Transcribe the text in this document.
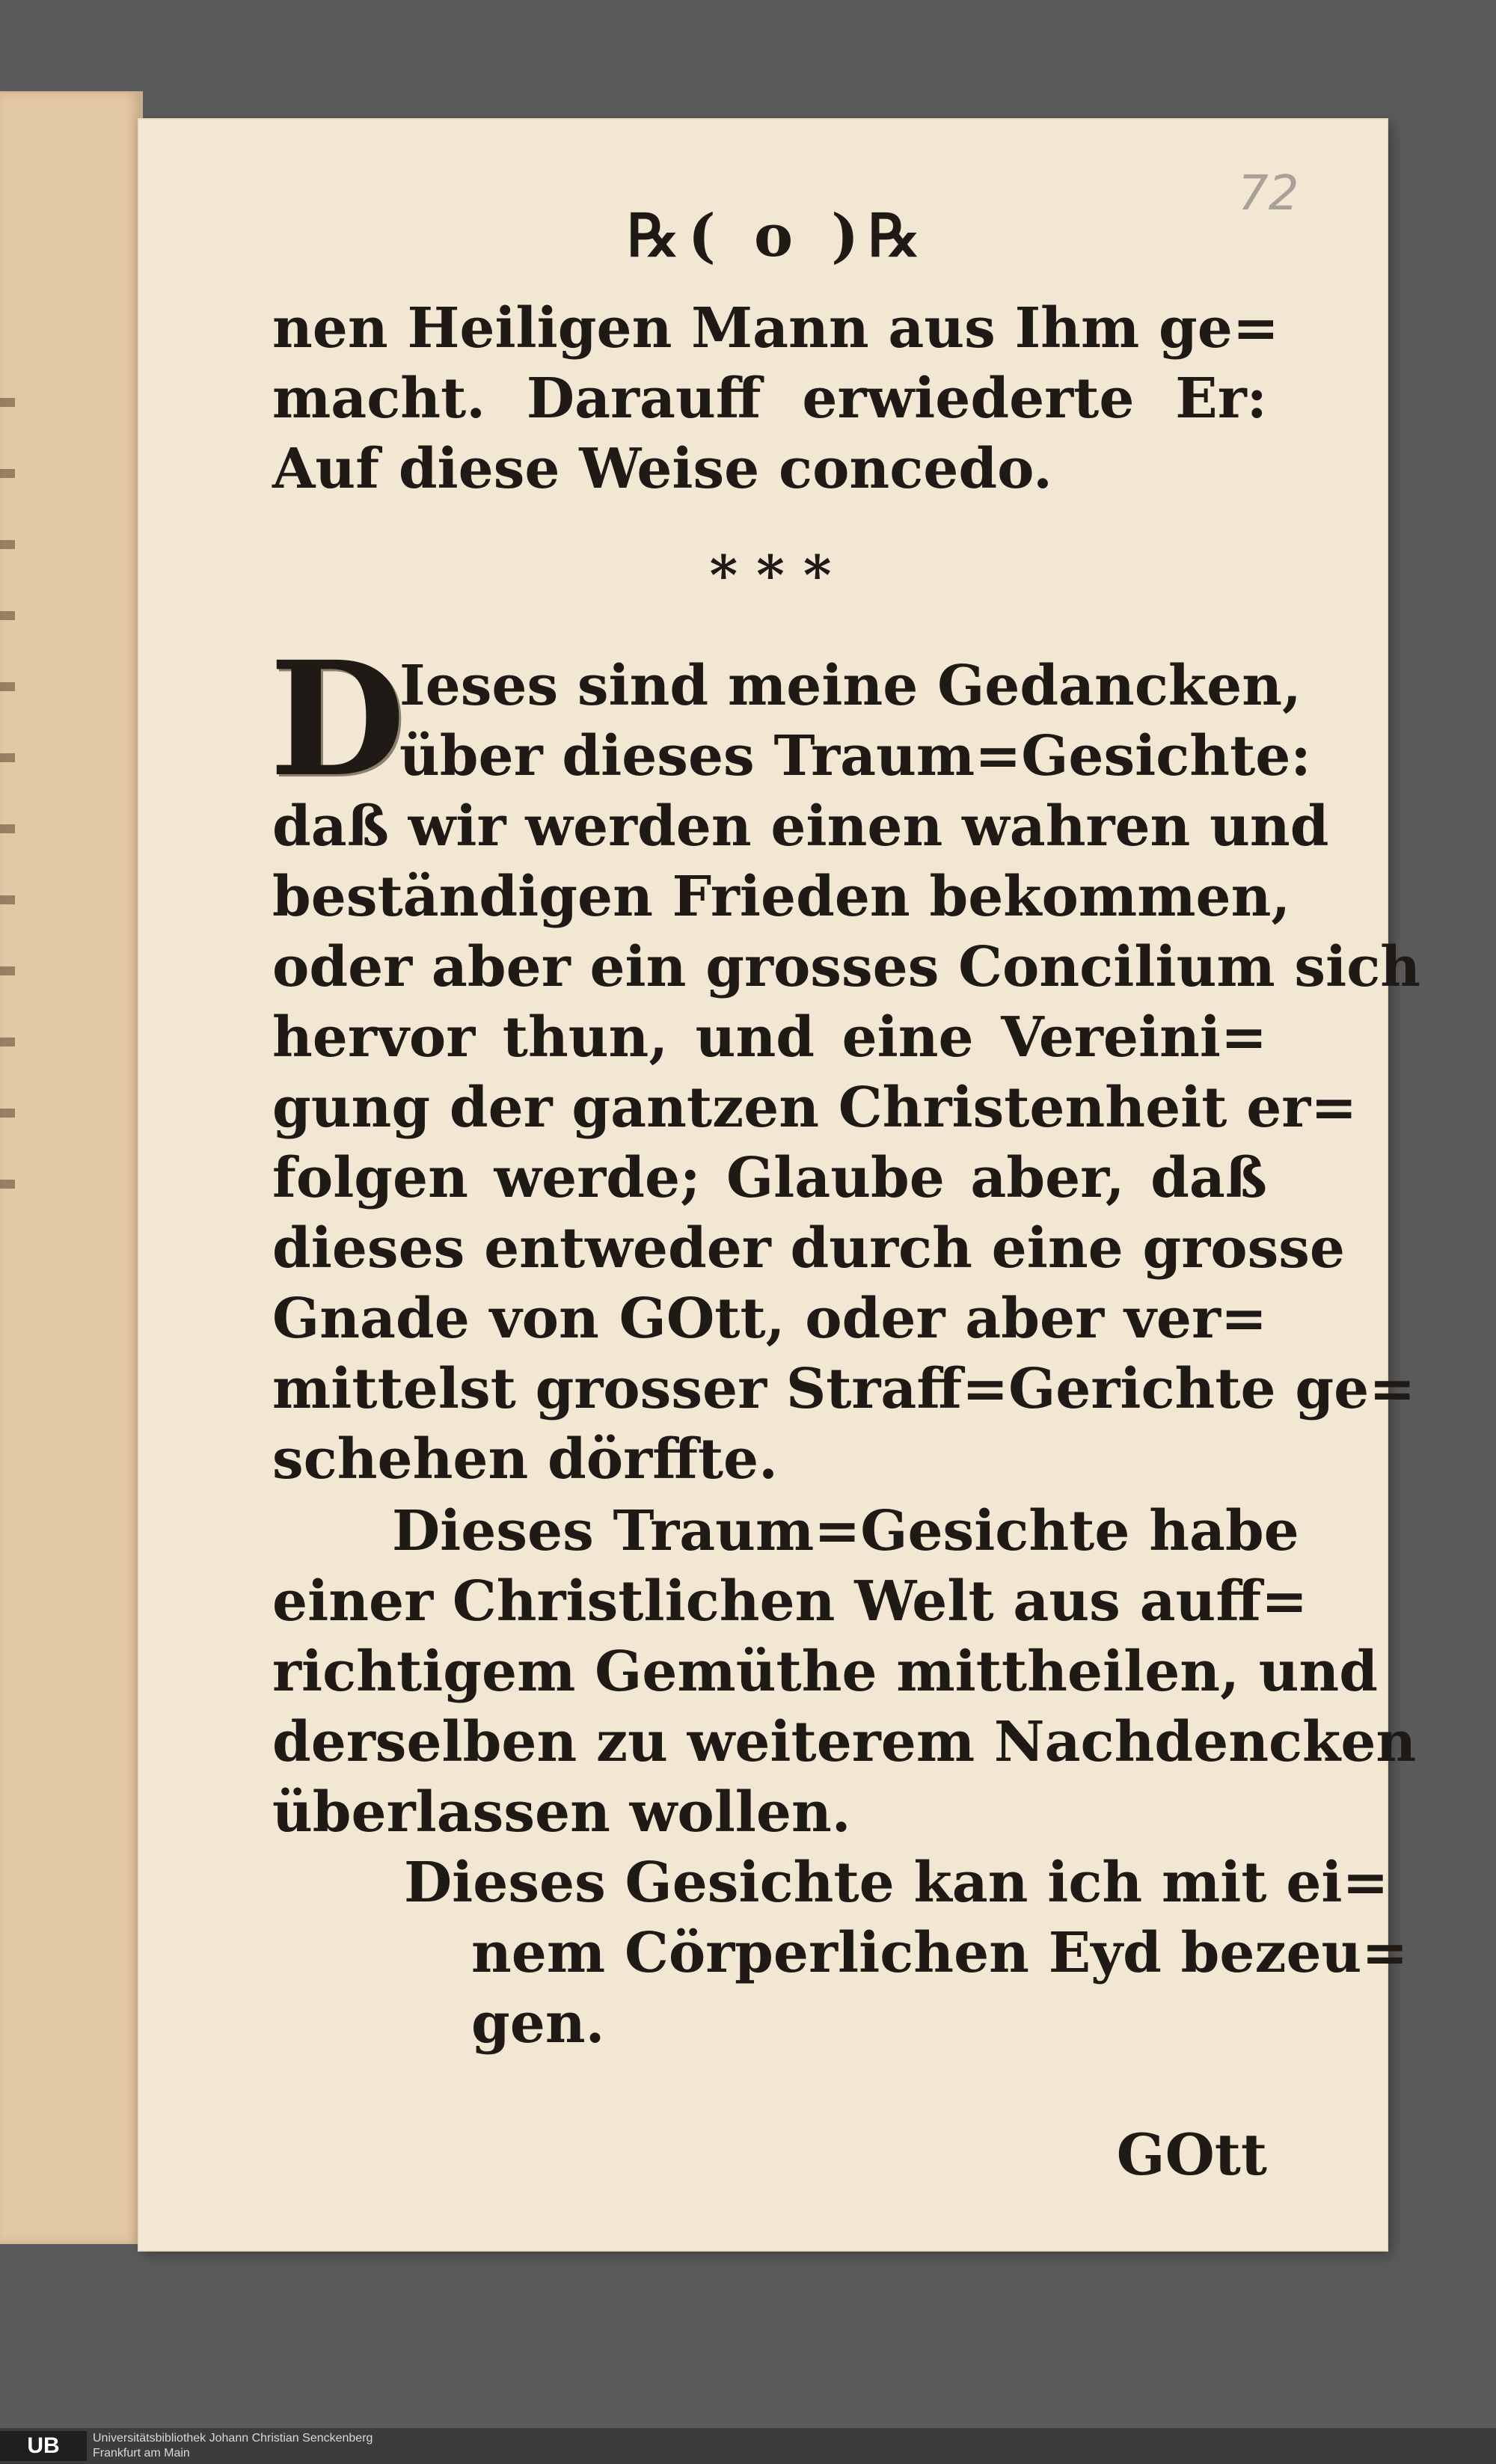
72
℞( o )℞
nen Heiligen Mann aus Ihm ge=
macht. Darauff erwiederte Er:
Auf diese Weise concedo.
* * *
D
Ieses sind meine Gedancken,
über dieses Traum=Gesichte:
daß wir werden einen wahren und
beständigen Frieden bekommen,
oder aber ein grosses Concilium sich
hervor thun, und eine Vereini=
gung der gantzen Christenheit er=
folgen werde; Glaube aber, daß
dieses entweder durch eine grosse
Gnade von GOtt, oder aber ver=
mittelst grosser Straff=Gerichte ge=
schehen dörffte.
Dieses Traum=Gesichte habe
einer Christlichen Welt aus auff=
richtigem Gemüthe mittheilen, und
derselben zu weiterem Nachdencken
überlassen wollen.
Dieses Gesichte kan ich mit ei=
nem Cörperlichen Eyd bezeu=
gen.
GOtt
UB	Universitätsbibliothek Johann Christian Senckenberg
Frankfurt am Main
